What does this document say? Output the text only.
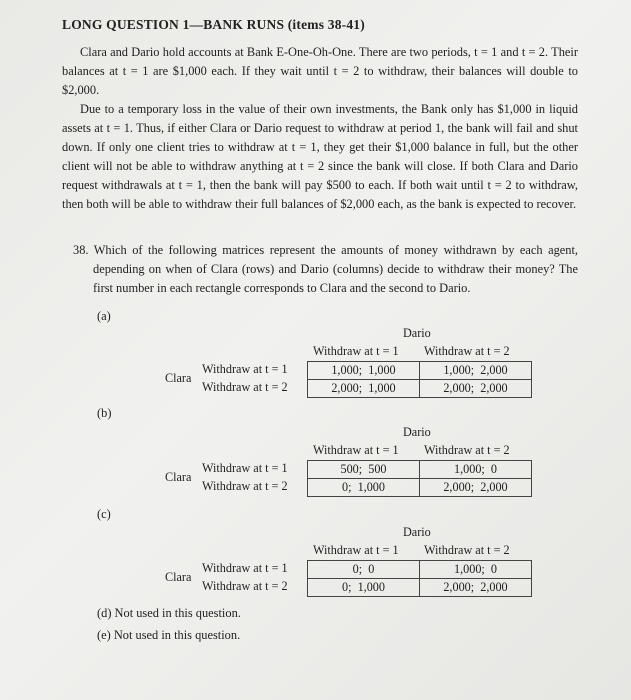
LONG QUESTION 1—BANK RUNS (items 38-41)

Clara and Dario hold accounts at Bank E-One-Oh-One. There are two periods, t = 1 and t = 2. Their balances at t = 1 are $1,000 each. If they wait until t = 2 to withdraw, their balances will double to $2,000.

Due to a temporary loss in the value of their own investments, the Bank only has $1,000 in liquid assets at t = 1. Thus, if either Clara or Dario request to withdraw at period 1, the bank will fail and shut down. If only one client tries to withdraw at t = 1, they get their $1,000 balance in full, but the other client will not be able to withdraw anything at t = 2 since the bank will close. If both Clara and Dario request withdrawals at t = 1, then the bank will pay $500 to each. If both wait until t = 2 to withdraw, then both will be able to withdraw their full balances of $2,000 each, as the bank is expected to recover.

38. Which of the following matrices represent the amounts of money withdrawn by each agent, depending on when of Clara (rows) and Dario (columns) decide to withdraw their money? The first number in each rectangle corresponds to Clara and the second to Dario.
(a)
(b)
(c)
Dario
Withdraw at t = 1 Withdraw at t = 2
Clara
Withdraw at t = 1
Withdraw at t = 2
1,000;  1,000	1,000;  2,000
2,000;  1,000	2,000;  2,000
Dario
Withdraw at t = 1 Withdraw at t = 2
Clara
Withdraw at t = 1
Withdraw at t = 2
500;  500	1,000;  0
0;  1,000	2,000;  2,000
Dario
Withdraw at t = 1 Withdraw at t = 2
Clara
Withdraw at t = 1
Withdraw at t = 2
0;  0	1,000;  0
0;  1,000	2,000;  2,000
(d) Not used in this question.
(e) Not used in this question.
